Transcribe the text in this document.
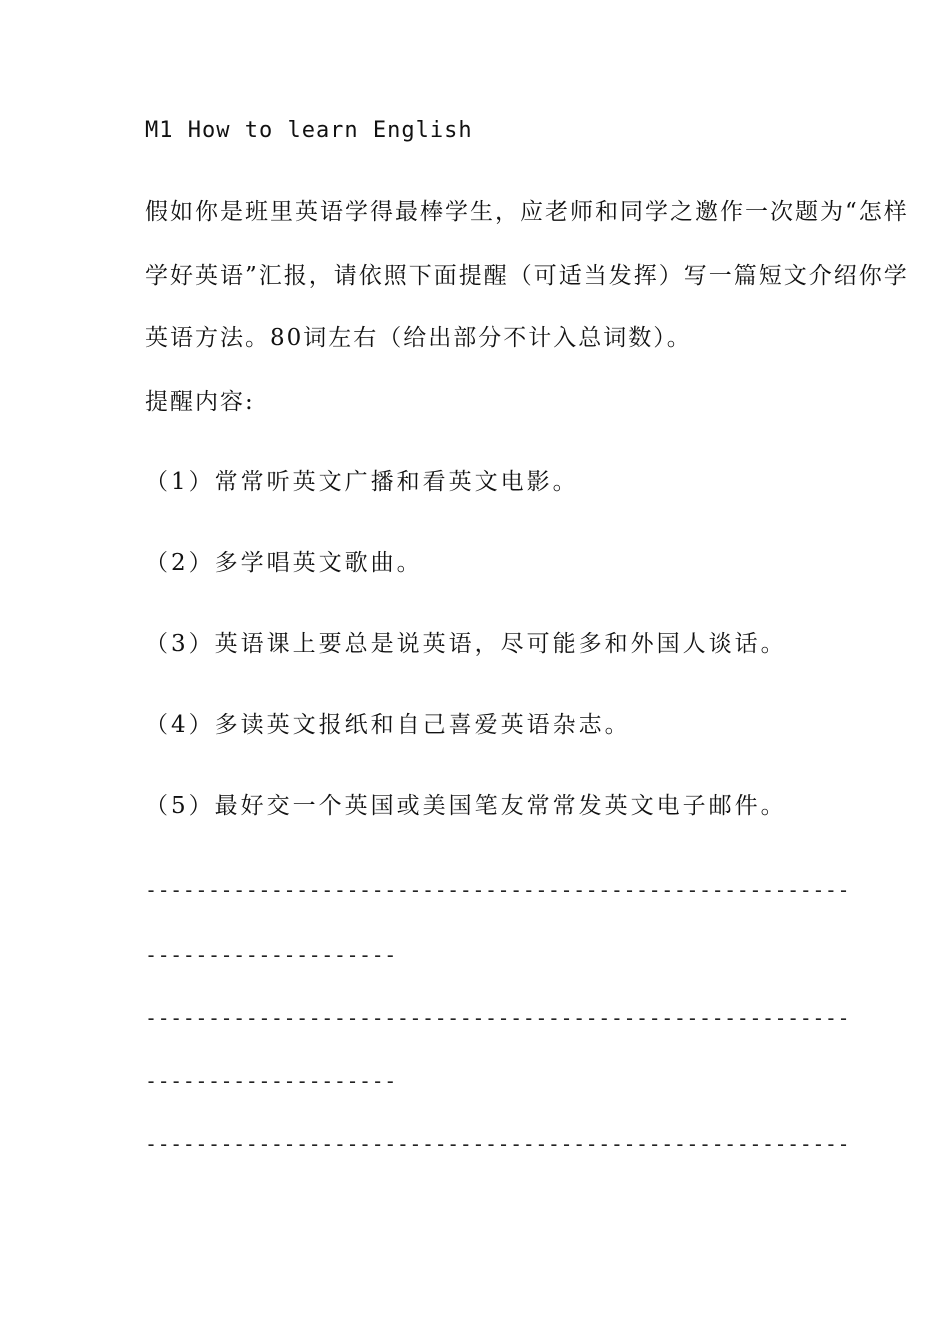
M1 How to learn English
假如你是班里英语学得最棒学生，应老师和同学之邀作一次题为“怎样
学好英语”汇报，请依照下面提醒（可适当发挥）写一篇短文介绍你学
英语方法。80词左右（给出部分不计入总词数）。
提醒内容:
（1）常常听英文广播和看英文电影。
（2）多学唱英文歌曲。
（3）英语课上要总是说英语，尽可能多和外国人谈话。
（4）多读英文报纸和自己喜爱英语杂志。
（5）最好交一个英国或美国笔友常常发英文电子邮件。
--------------------------------------------------------
--------------------
--------------------------------------------------------
--------------------
--------------------------------------------------------
